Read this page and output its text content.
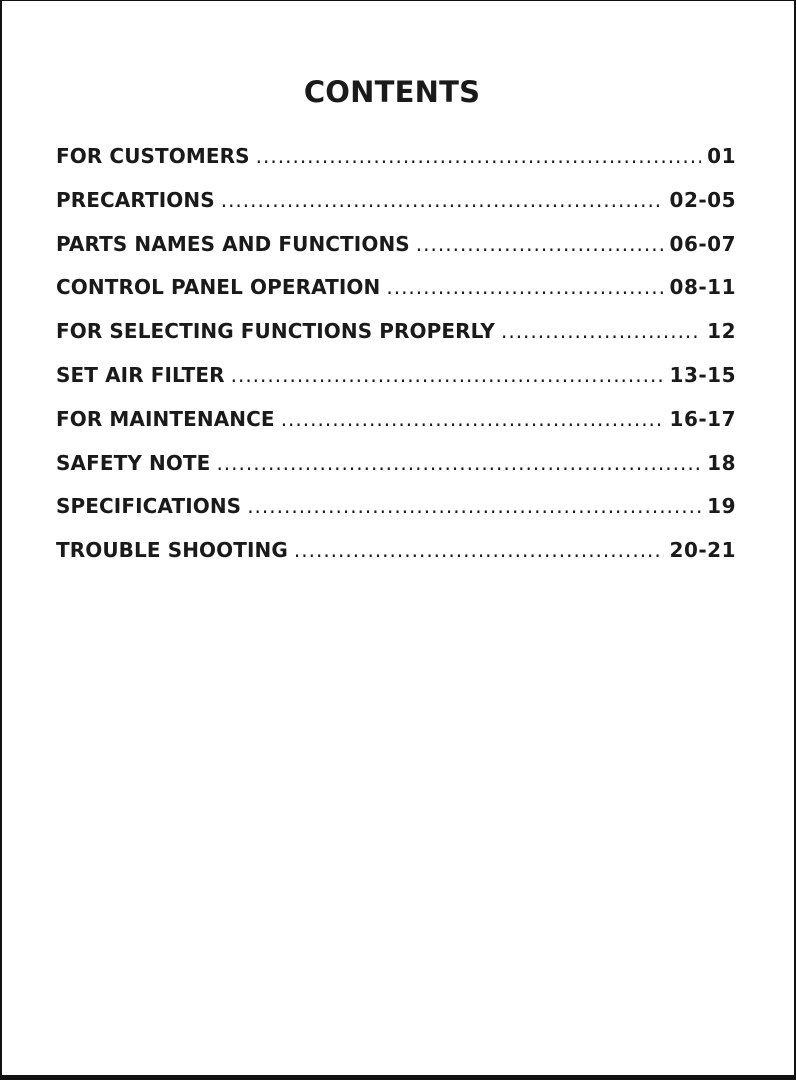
CONTENTS
FOR CUSTOMERS .....	01
PRECARTIONS .....	02-05
PARTS NAMES AND FUNCTIONS .....	06-07
CONTROL PANEL OPERATION .....	08-11
FOR SELECTING FUNCTIONS PROPERLY .....	12
SET AIR FILTER .....	13-15
FOR MAINTENANCE .....	16-17
SAFETY NOTE .....	18
SPECIFICATIONS .....	19
TROUBLE SHOOTING .....	20-21
